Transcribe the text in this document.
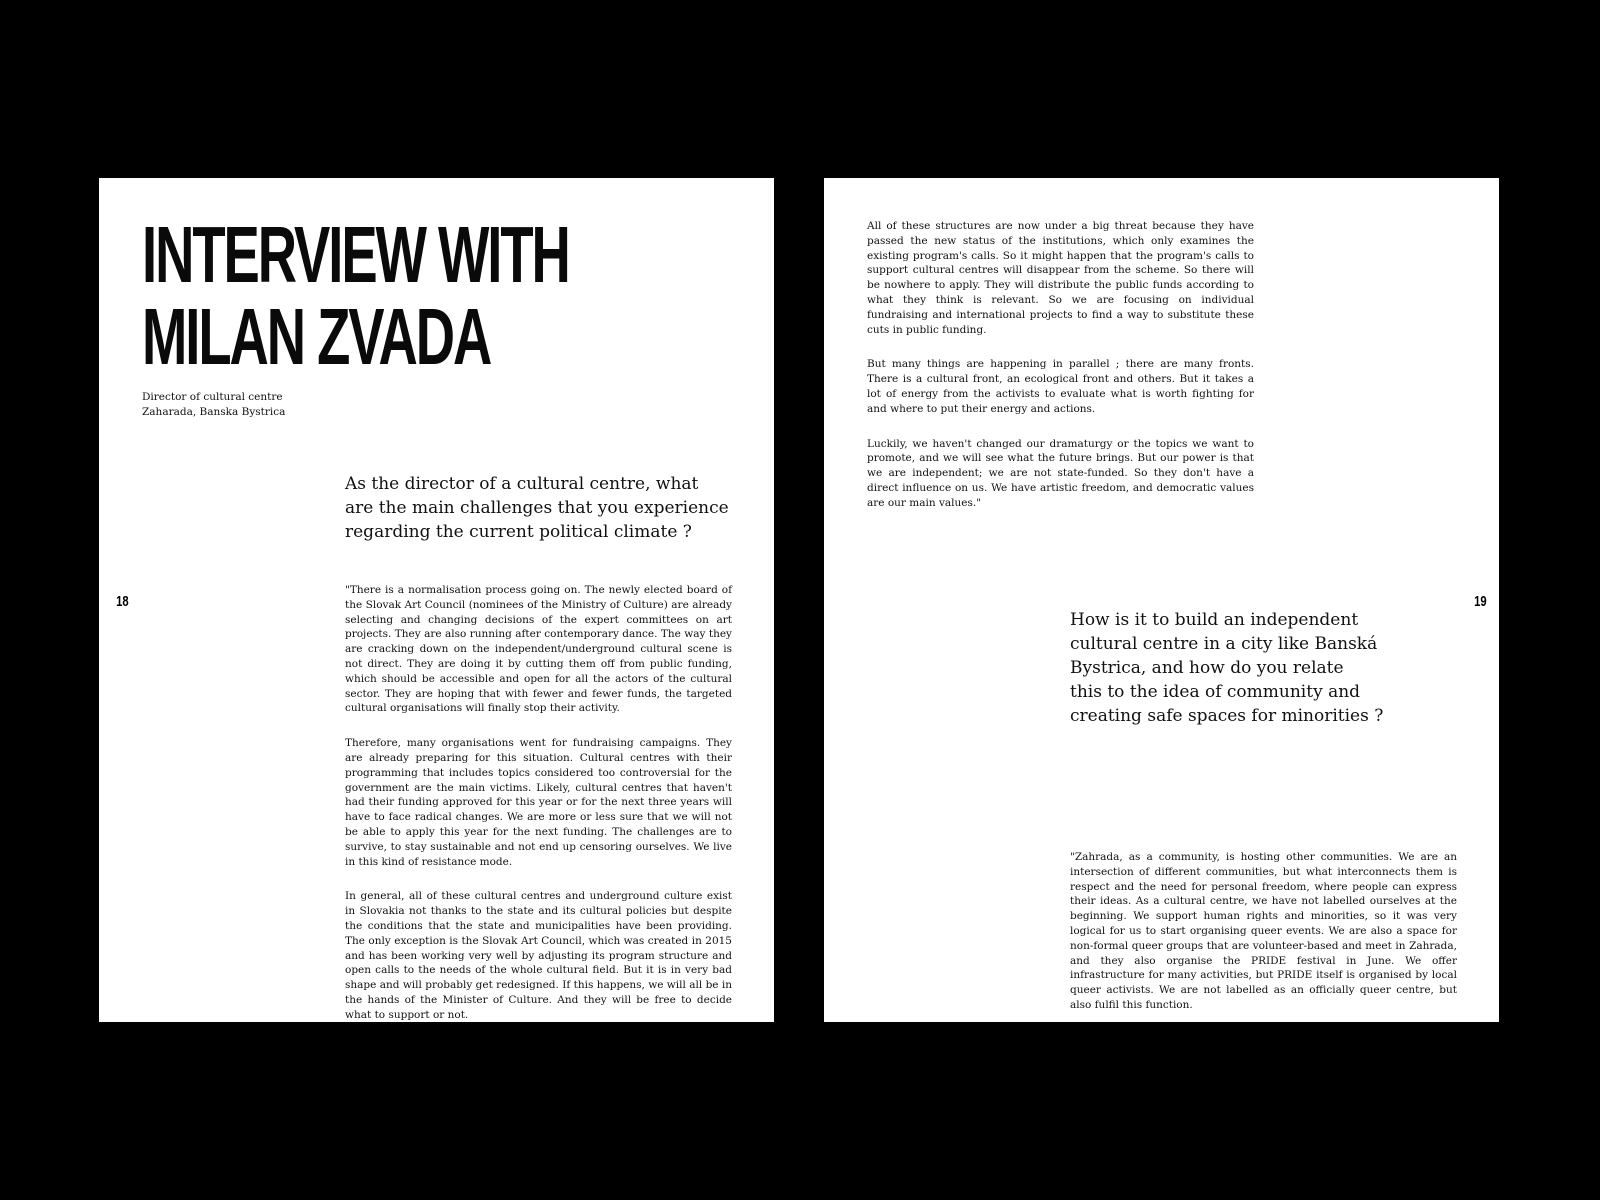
INTERVIEW WITH
MILAN ZVADA

Director of cultural centre
Zaharada, Banska Bystrica

As the director of a cultural centre, what
are the main challenges that you experience
regarding the current political climate ?

"There is a normalisation process going on. The newly elected board of the Slovak Art Council (nominees of the Ministry of Culture) are already selecting and changing decisions of the expert committees on art projects. They are also running after contemporary dance. The way they are cracking down on the independent/underground cultural scene is not direct. They are doing it by cutting them off from public funding, which should be accessible and open for all the actors of the cultural sector. They are hoping that with fewer and fewer funds, the targeted cultural organisations will finally stop their activity.

Therefore, many organisations went for fundraising campaigns. They are already preparing for this situation. Cultural centres with their programming that includes topics considered too controversial for the government are the main victims. Likely, cultural centres that haven't had their funding approved for this year or for the next three years will have to face radical changes. We are more or less sure that we will not be able to apply this year for the next funding. The challenges are to survive, to stay sustainable and not end up censoring ourselves. We live in this kind of resistance mode.

In general, all of these cultural centres and underground culture exist in Slovakia not thanks to the state and its cultural policies but despite the conditions that the state and municipalities have been providing. The only exception is the Slovak Art Council, which was created in 2015 and has been working very well by adjusting its program structure and open calls to the needs of the whole cultural field. But it is in very bad shape and will probably get redesigned. If this happens, we will all be in the hands of the Minister of Culture. And they will be free to decide what to support or not.

18

All of these structures are now under a big threat because they have passed the new status of the institutions, which only examines the existing program's calls. So it might happen that the program's calls to support cultural centres will disappear from the scheme. So there will be nowhere to apply. They will distribute the public funds according to what they think is relevant. So we are focusing on individual fundraising and international projects to find a way to substitute these cuts in public funding.

But many things are happening in parallel ; there are many fronts. There is a cultural front, an ecological front and others. But it takes a lot of energy from the activists to evaluate what is worth fighting for and where to put their energy and actions.

Luckily, we haven't changed our dramaturgy or the topics we want to promote, and we will see what the future brings. But our power is that we are independent; we are not state-funded. So they don't have a direct influence on us. We have artistic freedom, and democratic values are our main values."

How is it to build an independent
cultural centre in a city like Banská
Bystrica, and how do you relate
this to the idea of community and
creating safe spaces for minorities ?

"Zahrada, as a community, is hosting other communities. We are an intersection of different communities, but what interconnects them is respect and the need for personal freedom, where people can express their ideas. As a cultural centre, we have not labelled ourselves at the beginning. We support human rights and minorities, so it was very logical for us to start organising queer events. We are also a space for non-formal queer groups that are volunteer-based and meet in Zahrada, and they also organise the PRIDE festival in June. We offer infrastructure for many activities, but PRIDE itself is organised by local queer activists. We are not labelled as an officially queer centre, but also fulfil this function.

19
